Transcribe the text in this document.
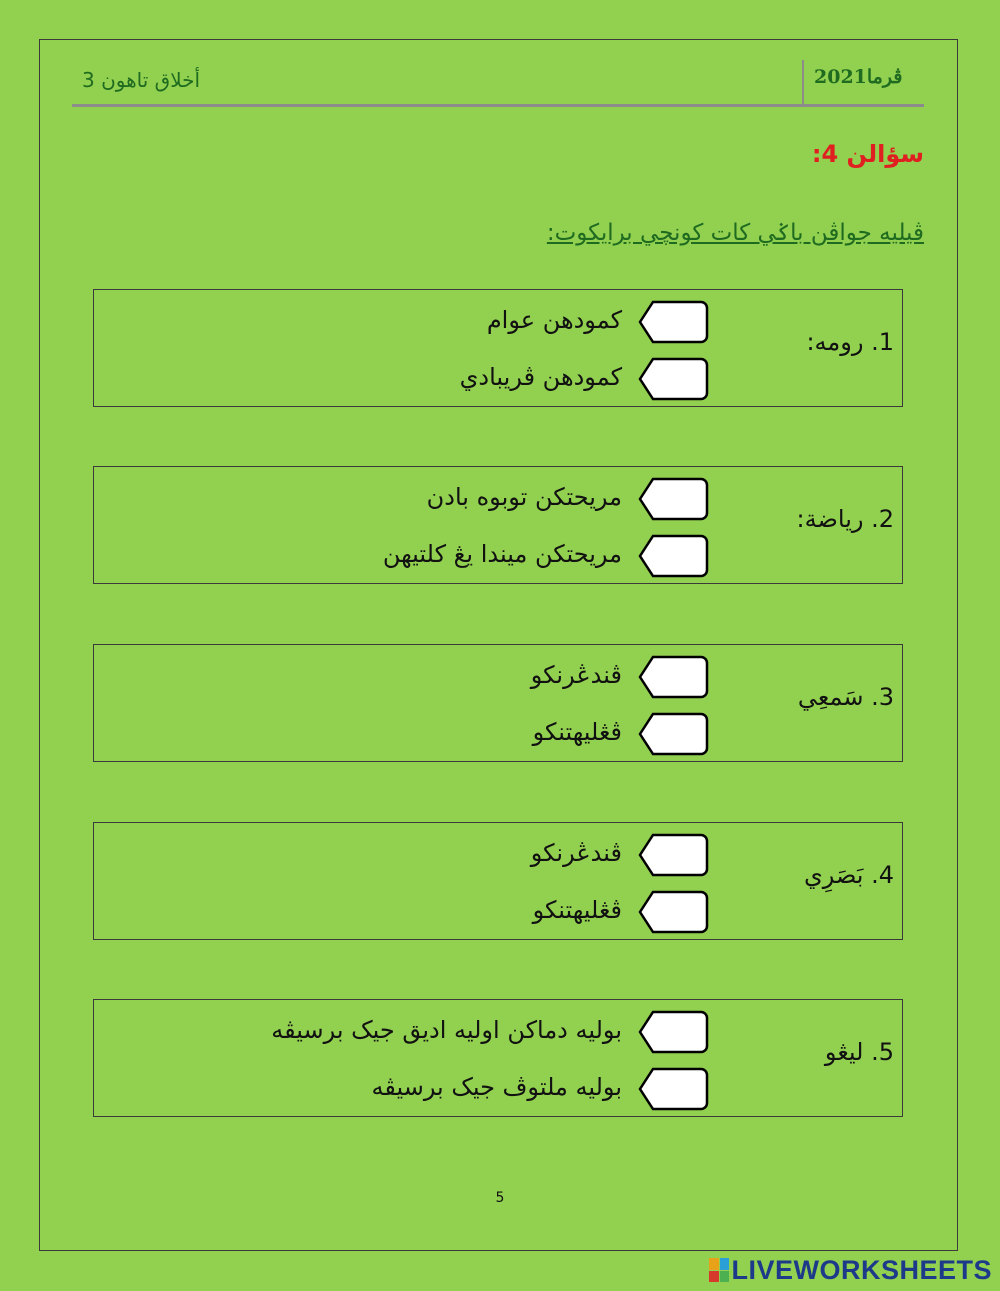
ڤرما2021
أخلاق تاهون 3
سؤالن 4:
ڤيليه جواڤن باݢي كات كونچي برايكوت:
1. رومه:
كمودهن عوام
كمودهن ڤريبادي
2. رياضة:
مريحتكن توبوه بادن
مريحتكن ميندا يڠ كلتيهن
3. سَمعِي
ڤندڠرنكو
ڤڠليهتنكو
4. بَصَرِي
ڤندڠرنكو
ڤڠليهتنكو
5. ليڠو
بوليه دماكن اوليه اديق جيک برسيڤه
بوليه ملتوڤ جيک برسيڤه
5
LIVEWORKSHEETS
